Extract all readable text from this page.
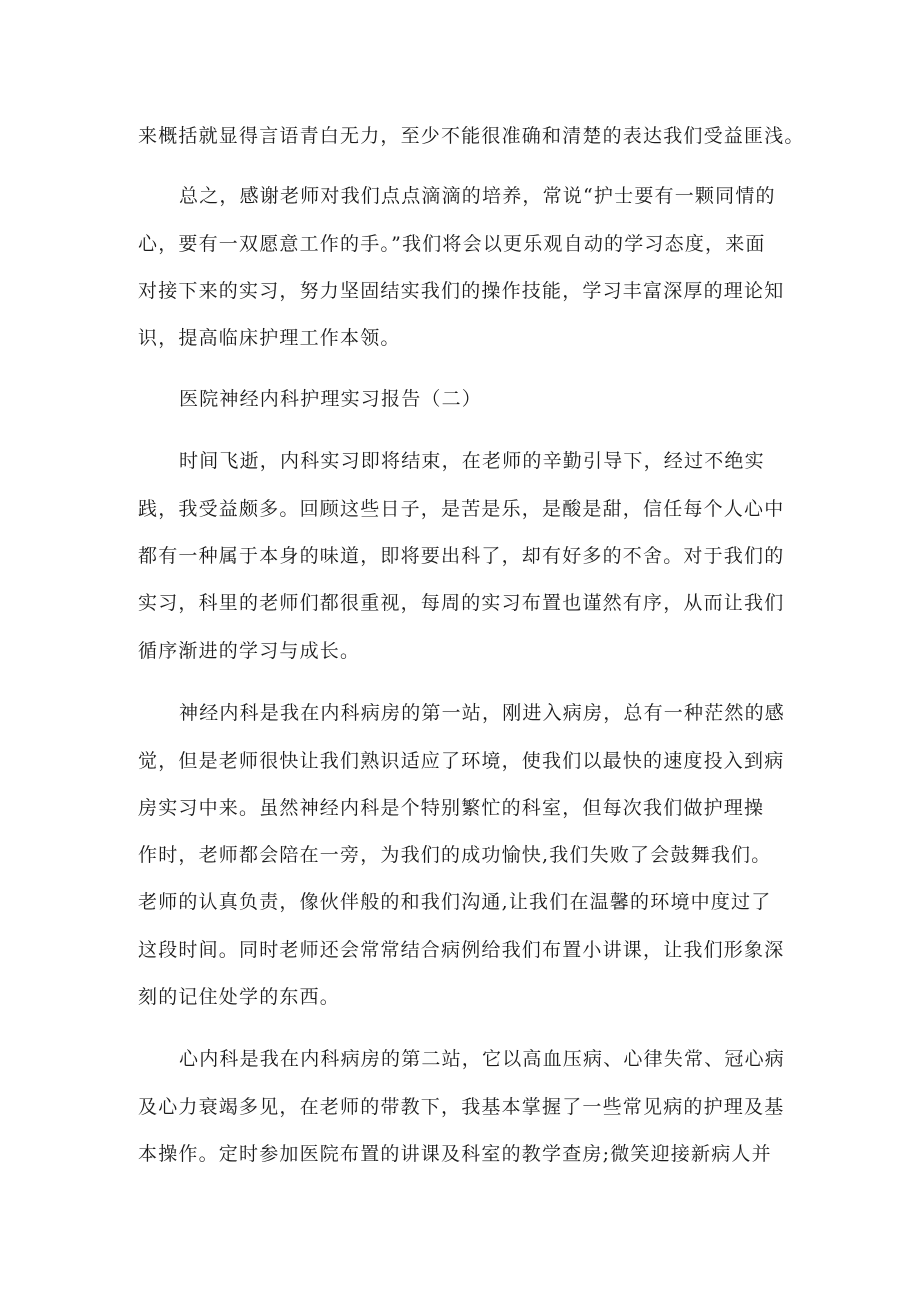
来概括就显得言语青白无力，至少不能很准确和清楚的表达我们受益匪浅。
总之，感谢老师对我们点点滴滴的培养，常说“护士要有一颗同情的
心，要有一双愿意工作的手。”我们将会以更乐观自动的学习态度，来面
对接下来的实习，努力坚固结实我们的操作技能，学习丰富深厚的理论知
识，提高临床护理工作本领。
医院神经内科护理实习报告（二）
时间飞逝，内科实习即将结束，在老师的辛勤引导下，经过不绝实
践，我受益颇多。回顾这些日子，是苦是乐，是酸是甜，信任每个人心中
都有一种属于本身的味道，即将要出科了，却有好多的不舍。对于我们的
实习，科里的老师们都很重视，每周的实习布置也谨然有序，从而让我们
循序渐进的学习与成长。
神经内科是我在内科病房的第一站，刚进入病房，总有一种茫然的感
觉，但是老师很快让我们熟识适应了环境，使我们以最快的速度投入到病
房实习中来。虽然神经内科是个特别繁忙的科室，但每次我们做护理操
作时，老师都会陪在一旁，为我们的成功愉快,我们失败了会鼓舞我们。
老师的认真负责，像伙伴般的和我们沟通,让我们在温馨的环境中度过了
这段时间。同时老师还会常常结合病例给我们布置小讲课，让我们形象深
刻的记住处学的东西。
心内科是我在内科病房的第二站，它以高血压病、心律失常、冠心病
及心力衰竭多见，在老师的带教下，我基本掌握了一些常见病的护理及基
本操作。定时参加医院布置的讲课及科室的教学查房;微笑迎接新病人并
